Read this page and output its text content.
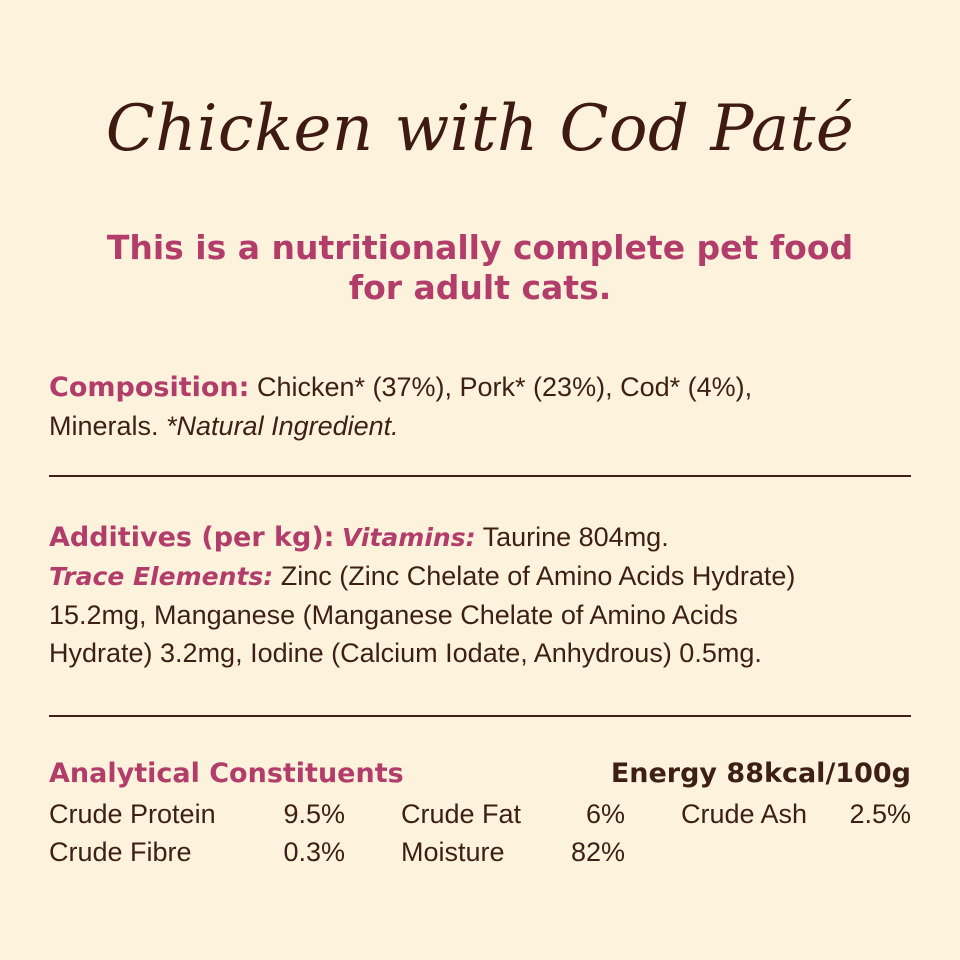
Chicken with Cod Paté
This is a nutritionally complete pet food
for adult cats.
Composition: Chicken* (37%), Pork* (23%), Cod* (4%),
Minerals. *Natural Ingredient.
Additives (per kg): Vitamins: Taurine 804mg.
Trace Elements: Zinc (Zinc Chelate of Amino Acids Hydrate)
15.2mg, Manganese (Manganese Chelate of Amino Acids
Hydrate) 3.2mg, Iodine (Calcium Iodate, Anhydrous) 0.5mg.
Analytical Constituents	Energy 88kcal/100g
Crude Protein	9.5% Crude Fat	6% Crude Ash	2.5%
Crude Fibre	0.3% Moisture	82%
